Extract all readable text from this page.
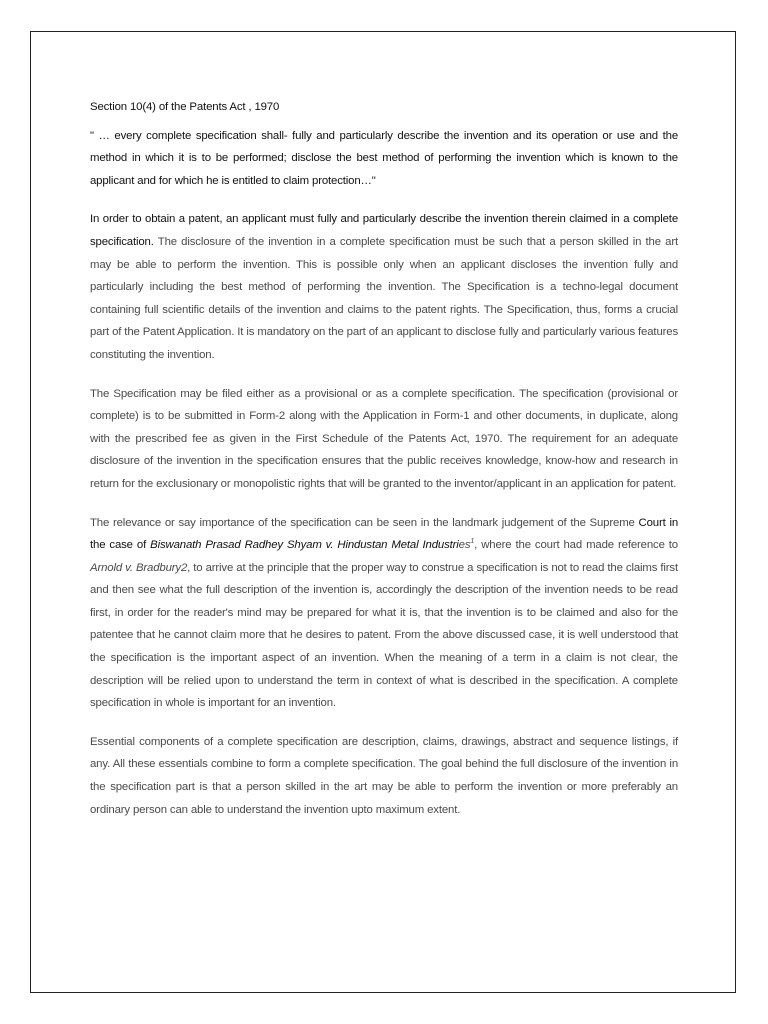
Section 10(4) of the Patents Act , 1970

" … every complete specification shall- fully and particularly describe the invention and its operation or use and the method in which it is to be performed; disclose the best method of performing the invention which is known to the applicant and for which he is entitled to claim protection…"

In order to obtain a patent, an applicant must fully and particularly describe the invention therein claimed in a complete specification. The disclosure of the invention in a complete specification must be such that a person skilled in the art may be able to perform the invention. This is possible only when an applicant discloses the invention fully and particularly including the best method of performing the invention. The Specification is a techno-legal document containing full scientific details of the invention and claims to the patent rights. The Specification, thus, forms a crucial part of the Patent Application. It is mandatory on the part of an applicant to disclose fully and particularly various features constituting the invention.

The Specification may be filed either as a provisional or as a complete specification. The specification (provisional or complete) is to be submitted in Form-2 along with the Application in Form-1 and other documents, in duplicate, along with the prescribed fee as given in the First Schedule of the Patents Act, 1970. The requirement for an adequate disclosure of the invention in the specification ensures that the public receives knowledge, know-how and research in return for the exclusionary or monopolistic rights that will be granted to the inventor/applicant in an application for patent.

The relevance or say importance of the specification can be seen in the landmark judgement of the Supreme Court in the case of Biswanath Prasad Radhey Shyam v. Hindustan Metal Industries$^1$, where the court had made reference to Arnold v. Bradbury2, to arrive at the principle that the proper way to construe a specification is not to read the claims first and then see what the full description of the invention is, accordingly the description of the invention needs to be read first, in order for the reader's mind may be prepared for what it is, that the invention is to be claimed and also for the patentee that he cannot claim more that he desires to patent. From the above discussed case, it is well understood that the specification is the important aspect of an invention. When the meaning of a term in a claim is not clear, the description will be relied upon to understand the term in context of what is described in the specification. A complete specification in whole is important for an invention.

Essential components of a complete specification are description, claims, drawings, abstract and sequence listings, if any. All these essentials combine to form a complete specification. The goal behind the full disclosure of the invention in the specification part is that a person skilled in the art may be able to perform the invention or more preferably an ordinary person can able to understand the invention upto maximum extent.
